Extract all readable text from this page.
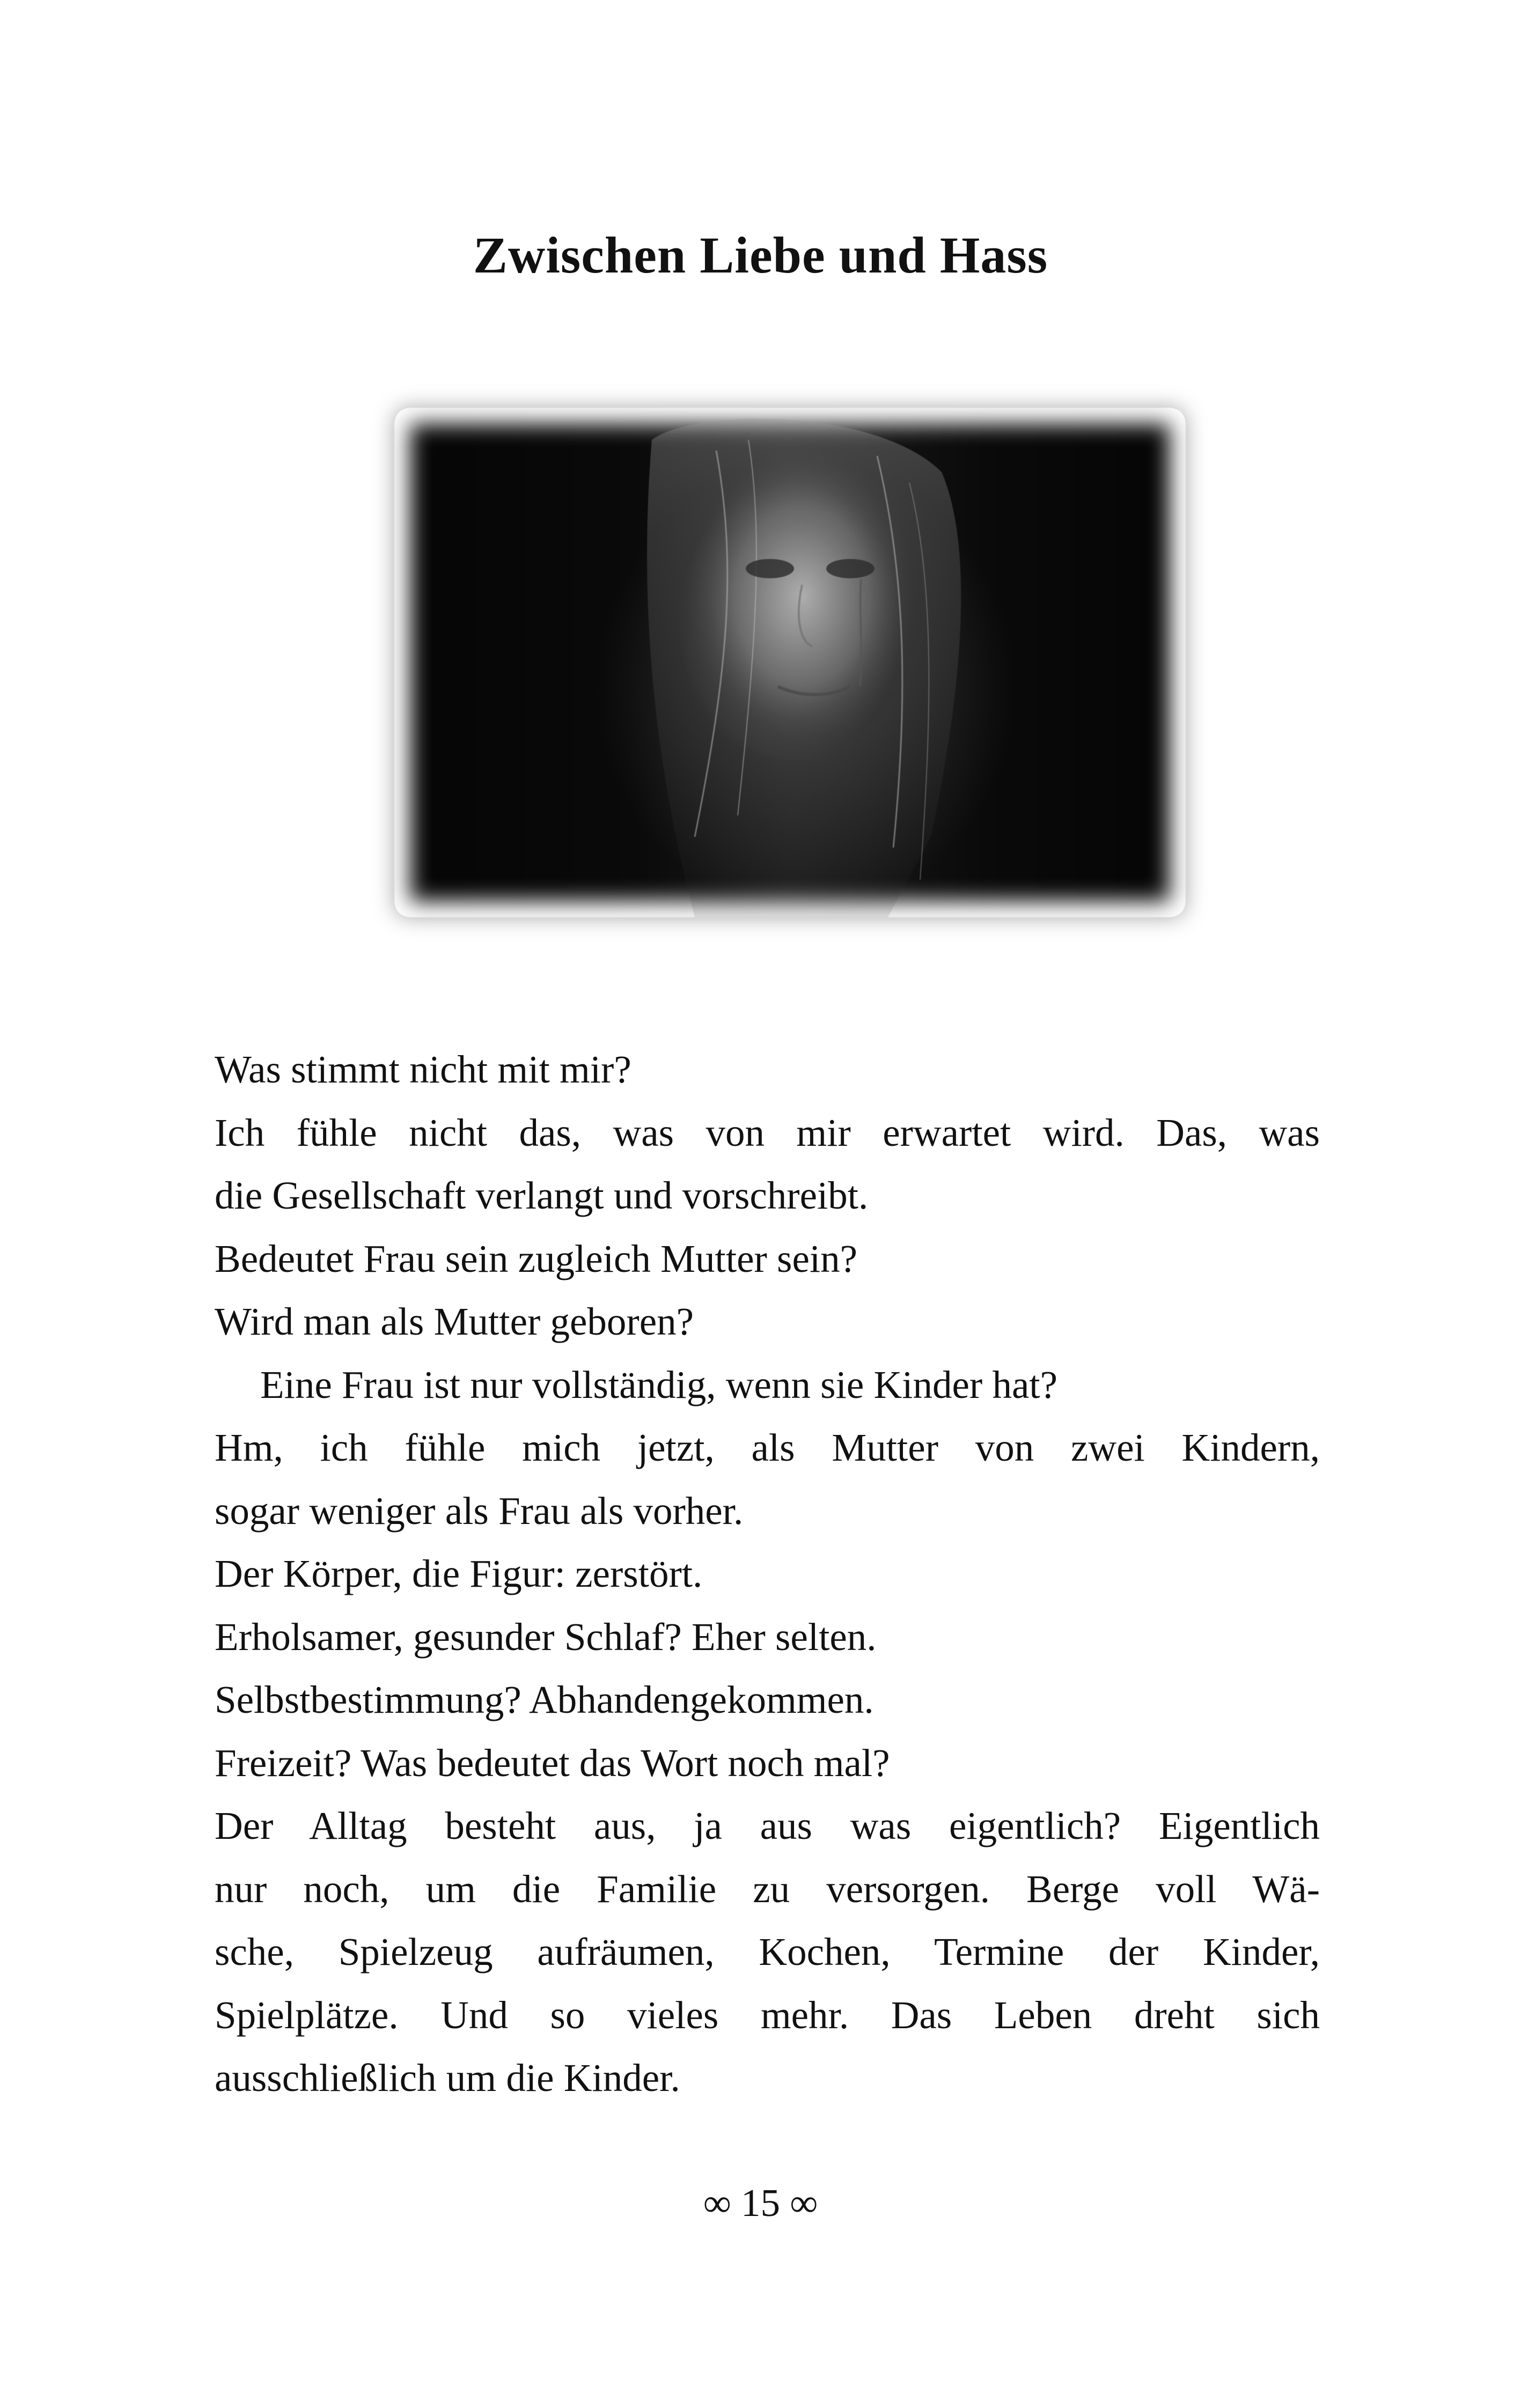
Zwischen Liebe und Hass
Was stimmt nicht mit mir?
Ich fühle nicht das, was von mir erwartet wird. Das, was
die Gesellschaft verlangt und vorschreibt.
Bedeutet Frau sein zugleich Mutter sein?
Wird man als Mutter geboren?
Eine Frau ist nur vollständig, wenn sie Kinder hat?
Hm, ich fühle mich jetzt, als Mutter von zwei Kindern,
sogar weniger als Frau als vorher.
Der Körper, die Figur: zerstört.
Erholsamer, gesunder Schlaf? Eher selten.
Selbstbestimmung? Abhandengekommen.
Freizeit? Was bedeutet das Wort noch mal?
Der Alltag besteht aus, ja aus was eigentlich? Eigentlich
nur noch, um die Familie zu versorgen. Berge voll Wä-
sche, Spielzeug aufräumen, Kochen, Termine der Kinder,
Spielplätze. Und so vieles mehr. Das Leben dreht sich
ausschließlich um die Kinder.
∞ 15 ∞
